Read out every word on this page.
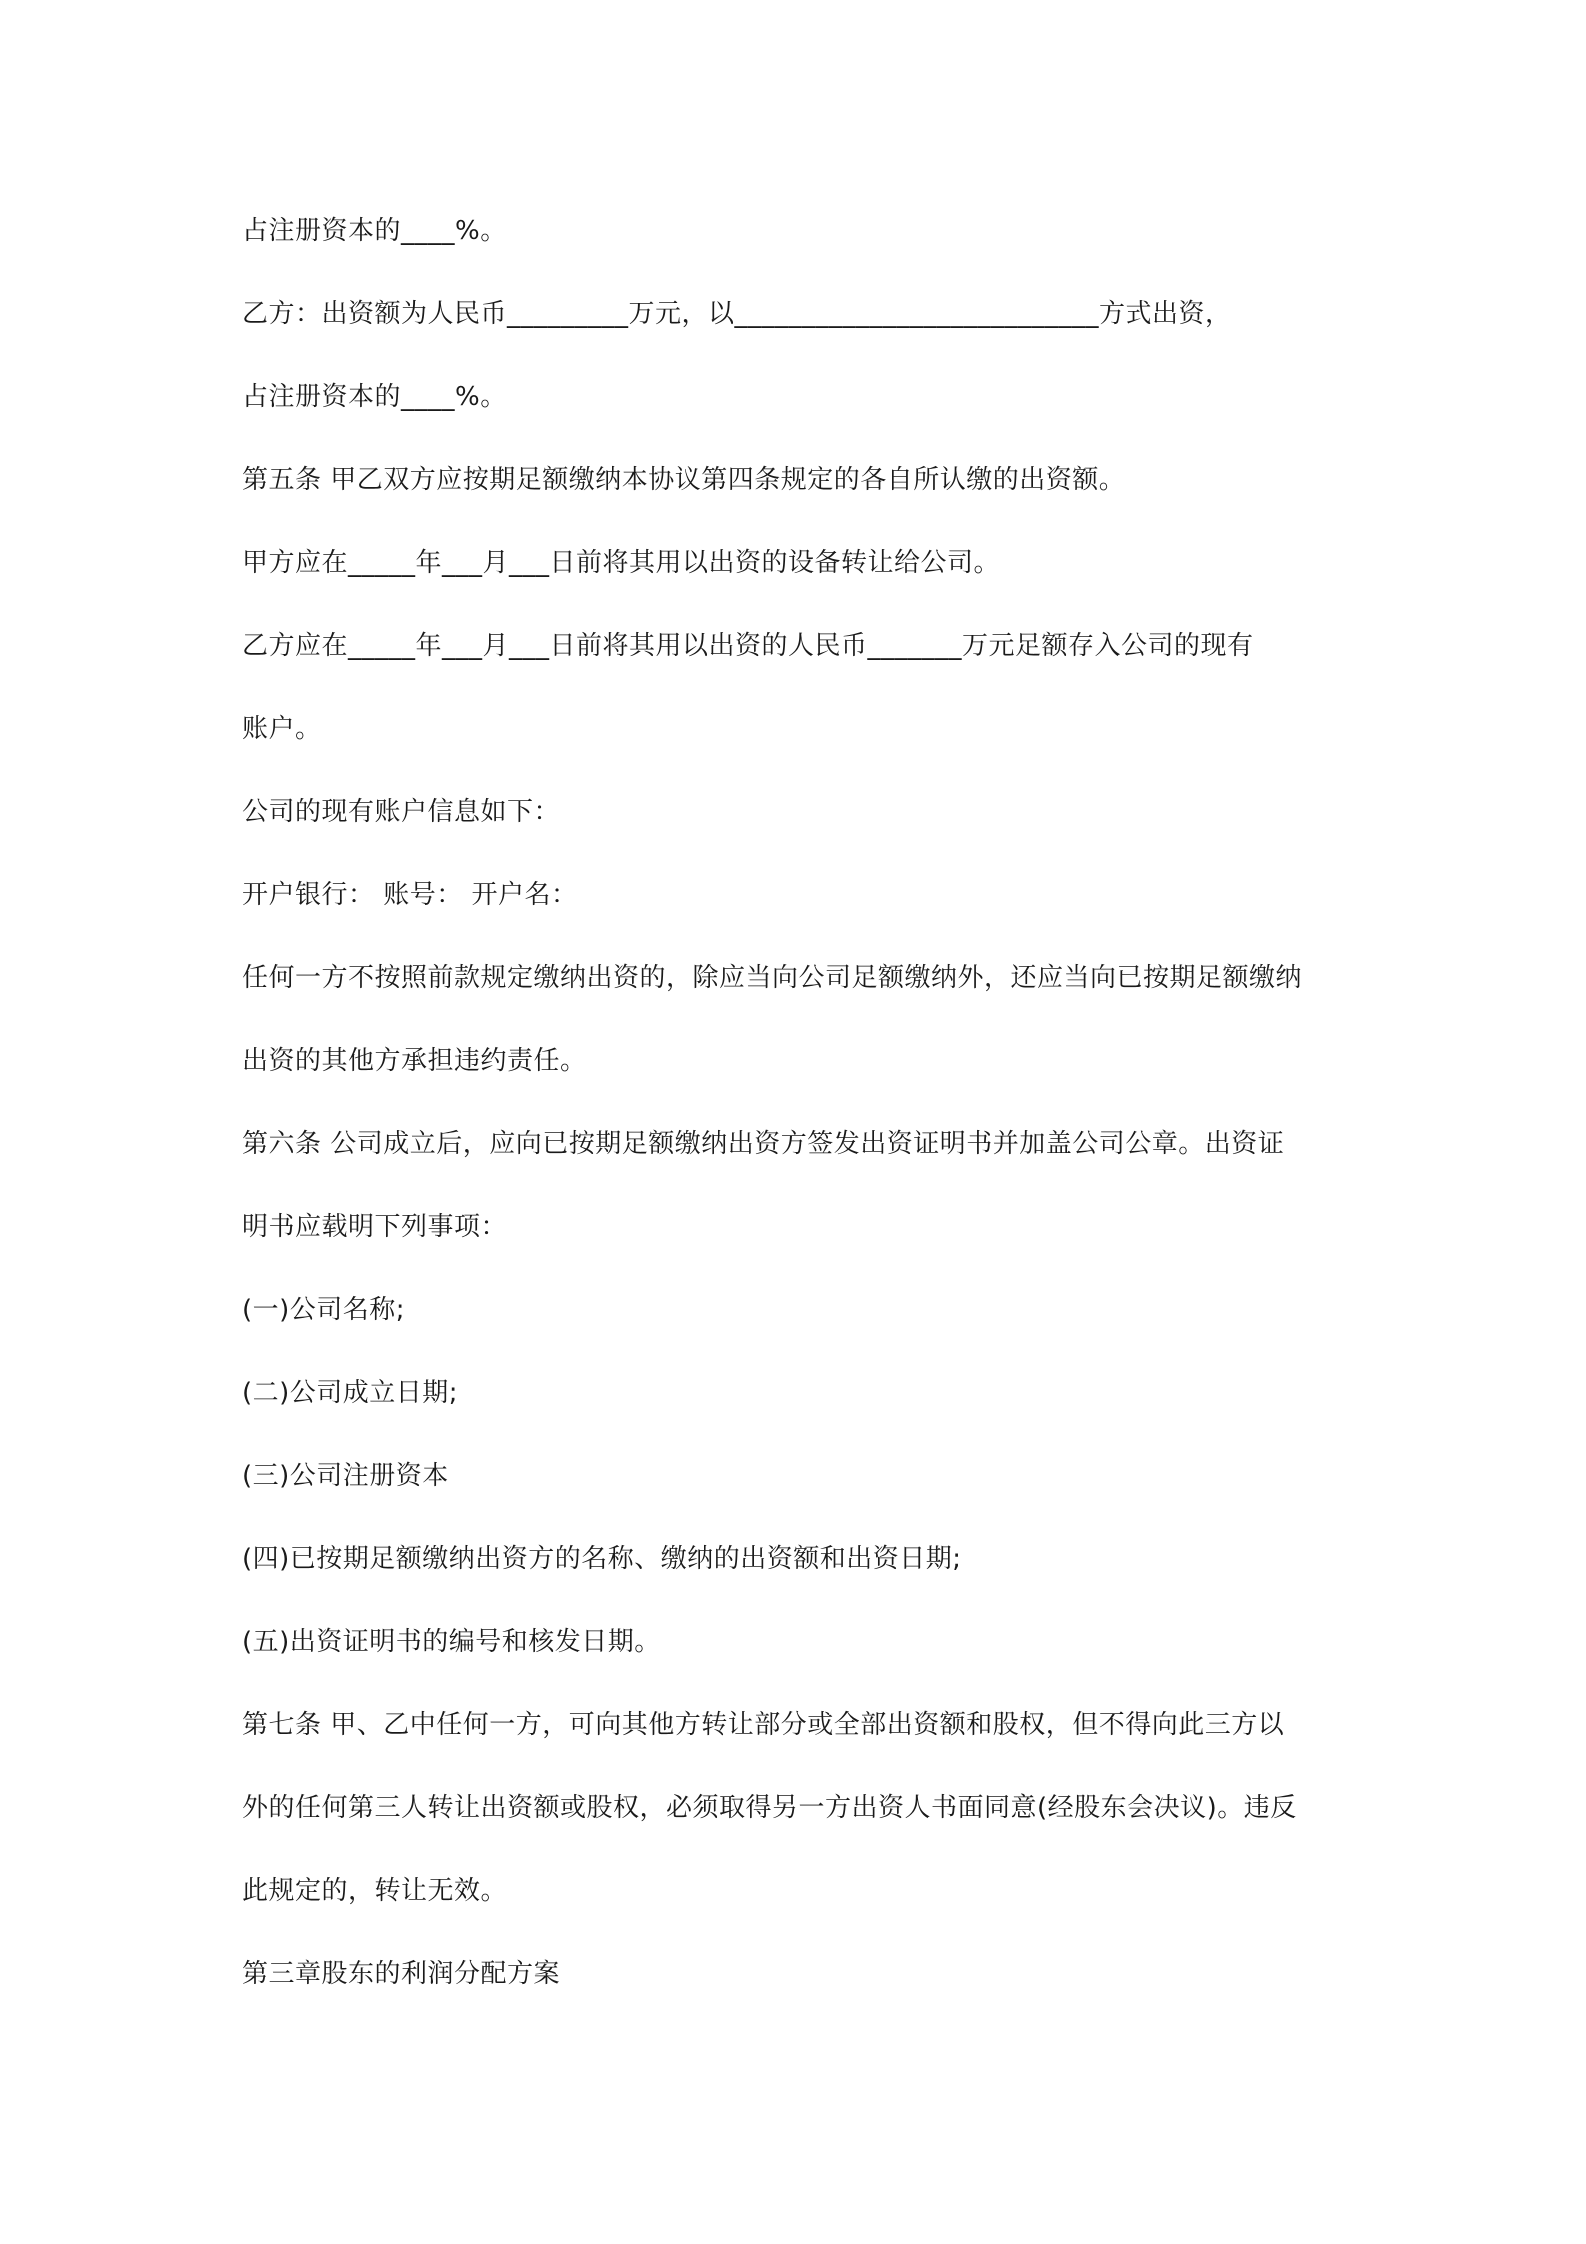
占注册资本的____%。
乙方：出资额为人民币_________万元，以___________________________方式出资，
占注册资本的____%。
第五条 甲乙双方应按期足额缴纳本协议第四条规定的各自所认缴的出资额。
甲方应在_____年___月___日前将其用以出资的设备转让给公司。
乙方应在_____年___月___日前将其用以出资的人民币_______万元足额存入公司的现有
账户。
公司的现有账户信息如下：
开户银行： 账号： 开户名：
任何一方不按照前款规定缴纳出资的，除应当向公司足额缴纳外，还应当向已按期足额缴纳
出资的其他方承担违约责任。
第六条 公司成立后，应向已按期足额缴纳出资方签发出资证明书并加盖公司公章。出资证
明书应载明下列事项：
(一)公司名称;
(二)公司成立日期;
(三)公司注册资本
(四)已按期足额缴纳出资方的名称、缴纳的出资额和出资日期;
(五)出资证明书的编号和核发日期。
第七条 甲、乙中任何一方，可向其他方转让部分或全部出资额和股权，但不得向此三方以
外的任何第三人转让出资额或股权，必须取得另一方出资人书面同意(经股东会决议)。违反
此规定的，转让无效。
第三章股东的利润分配方案
